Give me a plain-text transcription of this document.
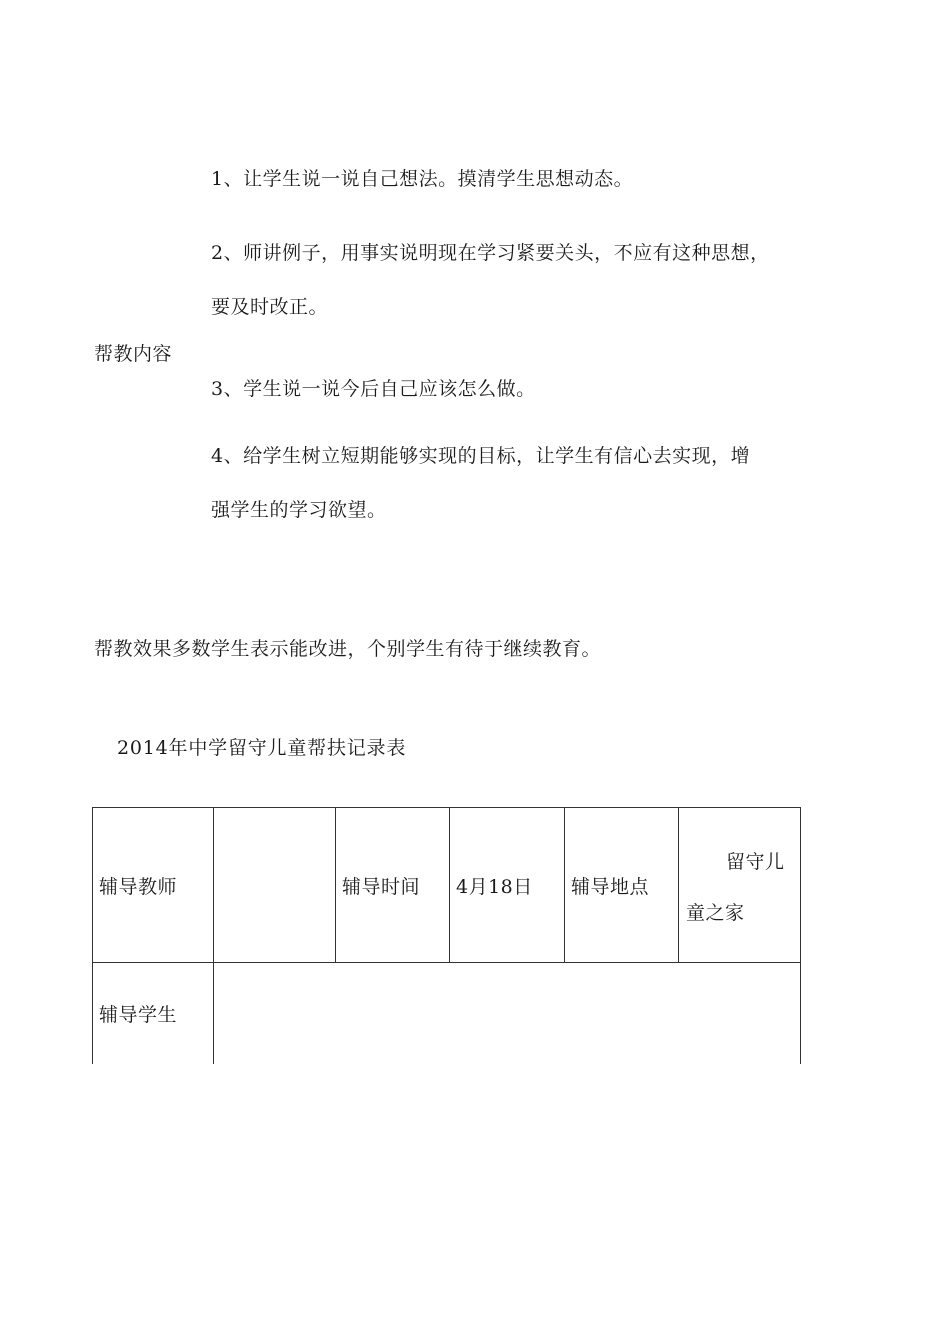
1、让学生说一说自己想法。摸清学生思想动态。
2、师讲例子，用事实说明现在学习紧要关头，不应有这种思想，
要及时改正。
帮教内容
3、学生说一说今后自己应该怎么做。
4、给学生树立短期能够实现的目标，让学生有信心去实现，增
强学生的学习欲望。
帮教效果多数学生表示能改进，个别学生有待于继续教育。
2014年中学留守儿童帮扶记录表
辅导教师	辅导时间 4月18日 辅导地点
留守儿
童之家
辅导学生
